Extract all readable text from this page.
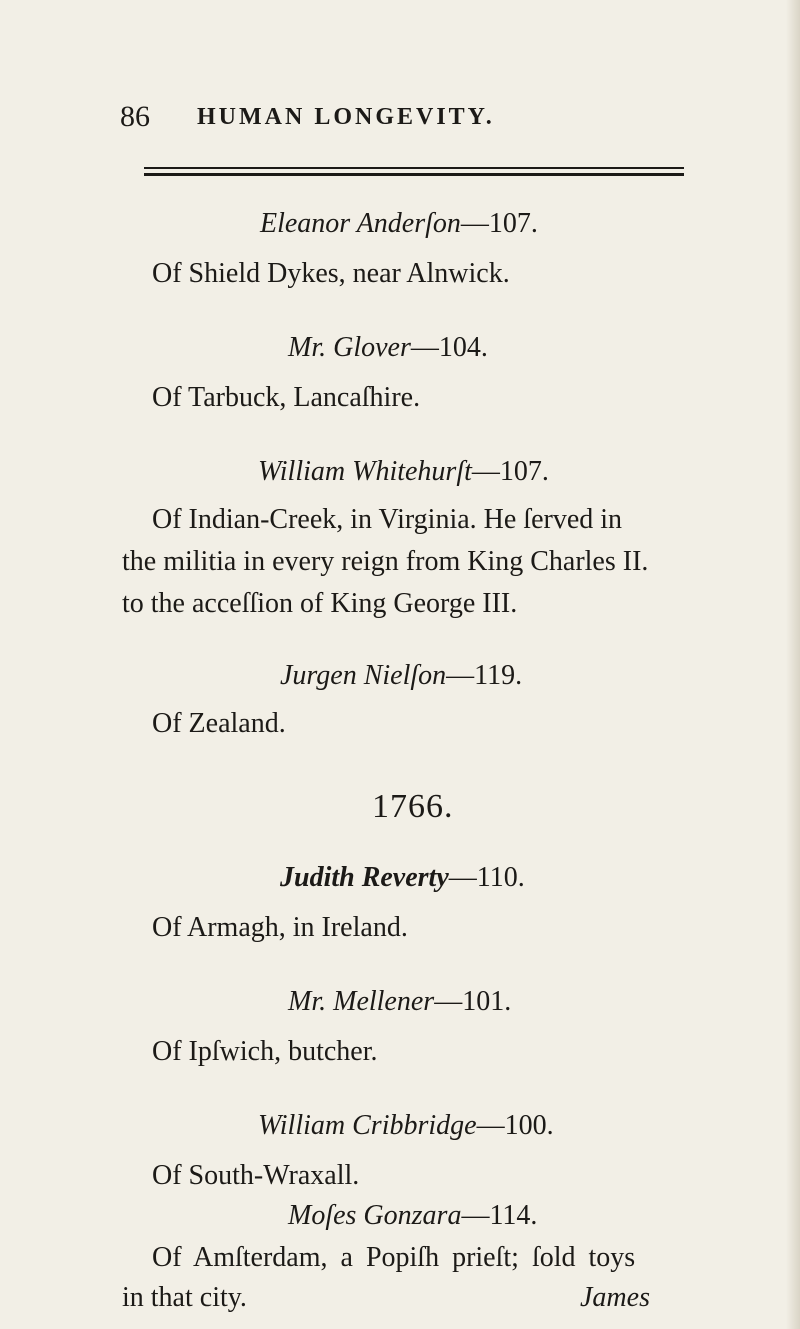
86 HUMAN LONGEVITY.
Eleanor Anderſon—107.
Of Shield Dykes, near Alnwick.
Mr. Glover—104.
Of Tarbuck, Lancaſhire.
William Whitehurſt—107.
Of Indian-Creek, in Virginia. He ſerved in
the militia in every reign from King Charles II.
to the acceſſion of King George III.
Jurgen Nielſon—119.
Of Zealand.
1766.
Judith Reverty—110.
Of Armagh, in Ireland.
Mr. Mellener—101.
Of Ipſwich, butcher.
William Cribbridge—100.
Of South-Wraxall.
Moſes Gonzara—114.
Of Amſterdam, a Popiſh prieſt; ſold toys
in that city.	James
